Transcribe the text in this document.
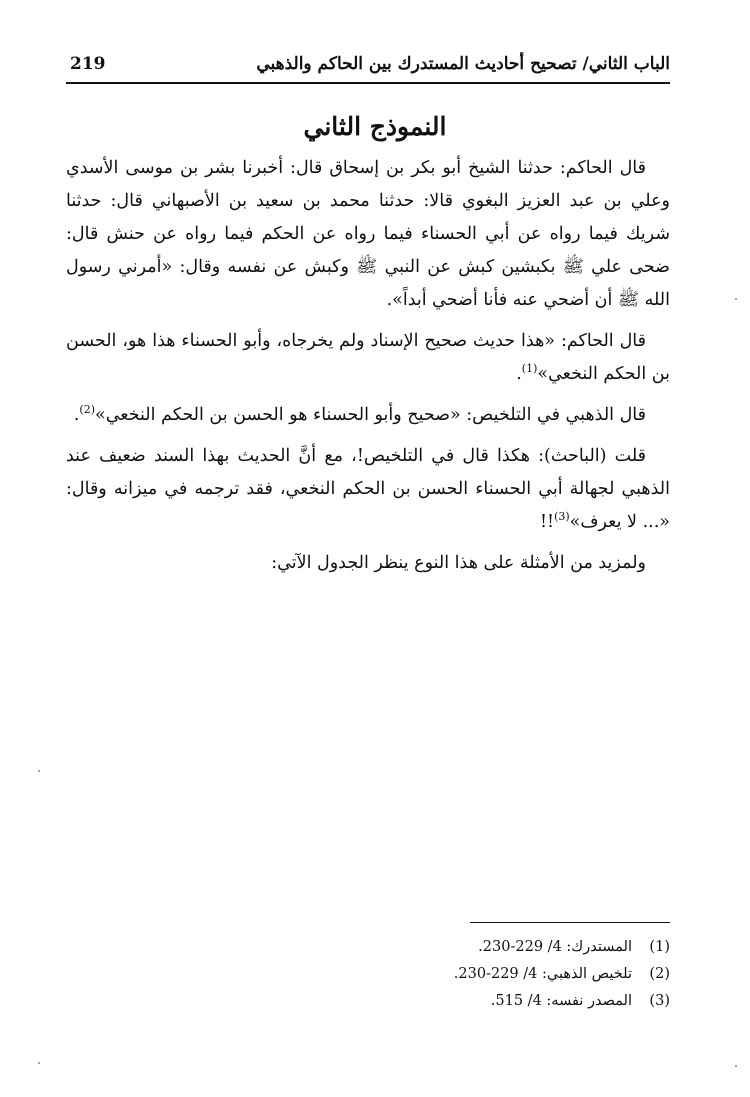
الباب الثاني/ تصحيح أحاديث المستدرك بين الحاكم والذهبي
219
النموذج الثاني

قال الحاكم: حدثنا الشيخ أبو بكر بن إسحاق قال: أخبرنا بشر بن موسى الأسدي وعلي بن عبد العزيز البغوي قالا: حدثنا محمد بن سعيد بن الأصبهاني قال: حدثنا شريك فيما رواه عن أبي الحسناء فيما رواه عن الحكم فيما رواه عن حنش قال: ضحى علي ﷺ بكبشين كبش عن النبي ﷺ وكبش عن نفسه وقال: «أمرني رسول الله ﷺ أن أضحي عنه فأنا أضحي أبداً».

قال الحاكم: «هذا حديث صحيح الإسناد ولم يخرجاه، وأبو الحسناء هذا هو، الحسن بن الحكم النخعي»$^{(1)}$.

قال الذهبي في التلخيص: «صحيح وأبو الحسناء هو الحسن بن الحكم النخعي»$^{(2)}$.

قلت (الباحث): هكذا قال في التلخيص!، مع أنَّ الحديث بهذا السند ضعيف عند الذهبي لجهالة أبي الحسناء الحسن بن الحكم النخعي، فقد ترجمه في ميزانه وقال: «... لا يعرف»$^{(3)}$!!

ولمزيد من الأمثلة على هذا النوع ينظر الجدول الآتي:

(1)المستدرك: 4/ 229-230.
(2)تلخيص الذهبي: 4/ 229-230.
(3)المصدر نفسه: 4/ 515.
